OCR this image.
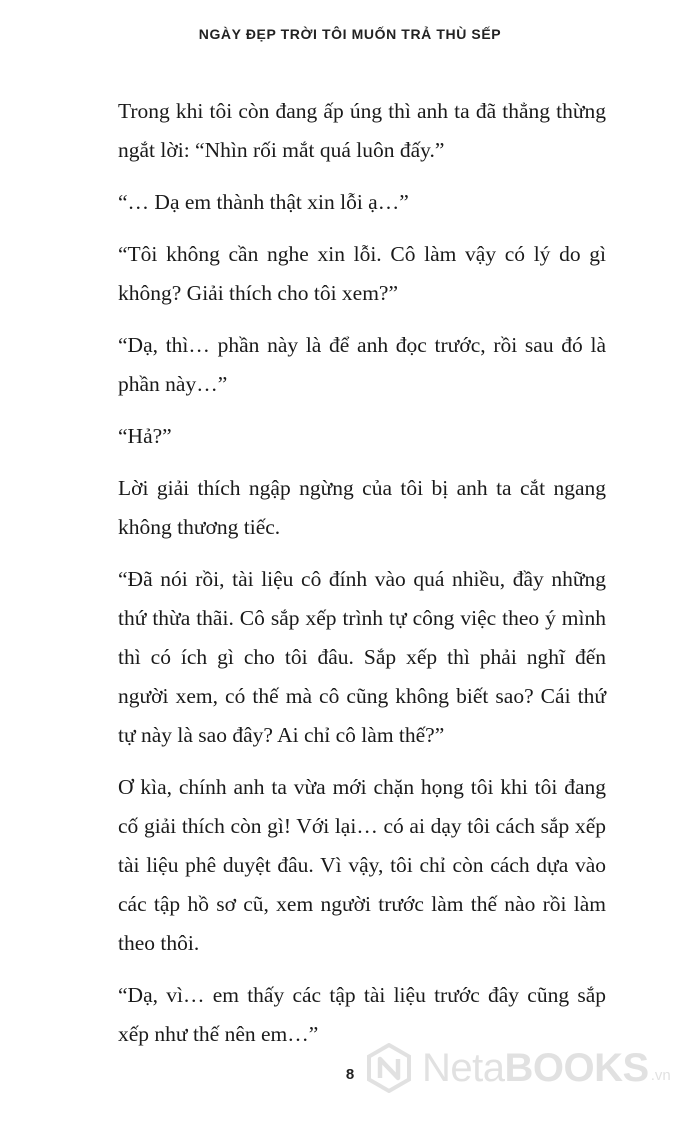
NGÀY ĐẸP TRỜI TÔI MUỐN TRẢ THÙ SẾP

Trong khi tôi còn đang ấp úng thì anh ta đã thẳng thừng ngắt lời: “Nhìn rối mắt quá luôn đấy.”

“… Dạ em thành thật xin lỗi ạ…”

“Tôi không cần nghe xin lỗi. Cô làm vậy có lý do gì không? Giải thích cho tôi xem?”

“Dạ, thì… phần này là để anh đọc trước, rồi sau đó là phần này…”

“Hả?”

Lời giải thích ngập ngừng của tôi bị anh ta cắt ngang không thương tiếc.

“Đã nói rồi, tài liệu cô đính vào quá nhiều, đầy những thứ thừa thãi. Cô sắp xếp trình tự công việc theo ý mình thì có ích gì cho tôi đâu. Sắp xếp thì phải nghĩ đến người xem, có thế mà cô cũng không biết sao? Cái thứ tự này là sao đây? Ai chỉ cô làm thế?”

Ơ kìa, chính anh ta vừa mới chặn họng tôi khi tôi đang cố giải thích còn gì! Với lại… có ai dạy tôi cách sắp xếp tài liệu phê duyệt đâu. Vì vậy, tôi chỉ còn cách dựa vào các tập hồ sơ cũ, xem người trước làm thế nào rồi làm theo thôi.

“Dạ, vì… em thấy các tập tài liệu trước đây cũng sắp xếp như thế nên em…”

8	NetaBOOKS .vn
